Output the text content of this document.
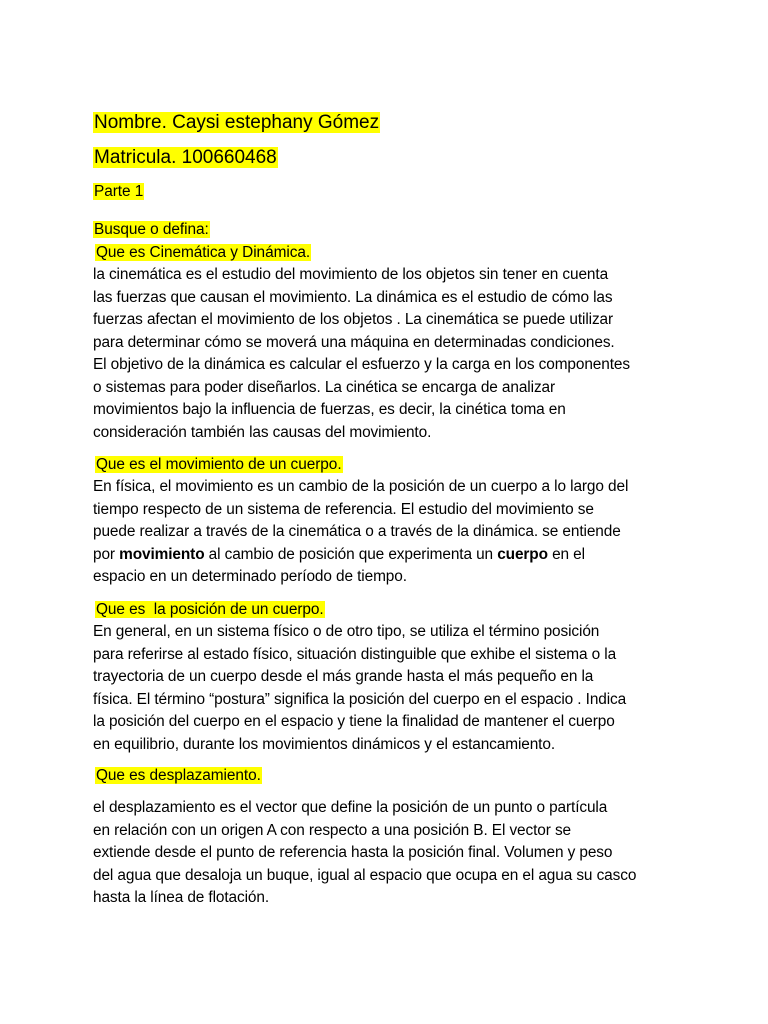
Nombre. Caysi estephany Gómez
Matricula. 100660468
Parte 1
Busque o defina:
Que es Cinemática y Dinámica.
la cinemática es el estudio del movimiento de los objetos sin tener en cuenta
las fuerzas que causan el movimiento. La dinámica es el estudio de cómo las
fuerzas afectan el movimiento de los objetos . La cinemática se puede utilizar
para determinar cómo se moverá una máquina en determinadas condiciones.
El objetivo de la dinámica es calcular el esfuerzo y la carga en los componentes
o sistemas para poder diseñarlos. La cinética se encarga de analizar
movimientos bajo la influencia de fuerzas, es decir, la cinética toma en
consideración también las causas del movimiento.
Que es el movimiento de un cuerpo.
En física, el movimiento es un cambio de la posición de un cuerpo a lo largo del
tiempo respecto de un sistema de referencia. El estudio del movimiento se
puede realizar a través de la cinemática o a través de la dinámica. se entiende
por movimiento al cambio de posición que experimenta un cuerpo en el
espacio en un determinado período de tiempo.
Que es  la posición de un cuerpo.
En general, en un sistema físico o de otro tipo, se utiliza el término posición
para referirse al estado físico, situación distinguible que exhibe el sistema o la
trayectoria de un cuerpo desde el más grande hasta el más pequeño en la
física. El término “postura” significa la posición del cuerpo en el espacio . Indica
la posición del cuerpo en el espacio y tiene la finalidad de mantener el cuerpo
en equilibrio, durante los movimientos dinámicos y el estancamiento.
Que es desplazamiento.
el desplazamiento es el vector que define la posición de un punto o partícula
en relación con un origen A con respecto a una posición B. El vector se
extiende desde el punto de referencia hasta la posición final. Volumen y peso
del agua que desaloja un buque, igual al espacio que ocupa en el agua su casco
hasta la línea de flotación.
